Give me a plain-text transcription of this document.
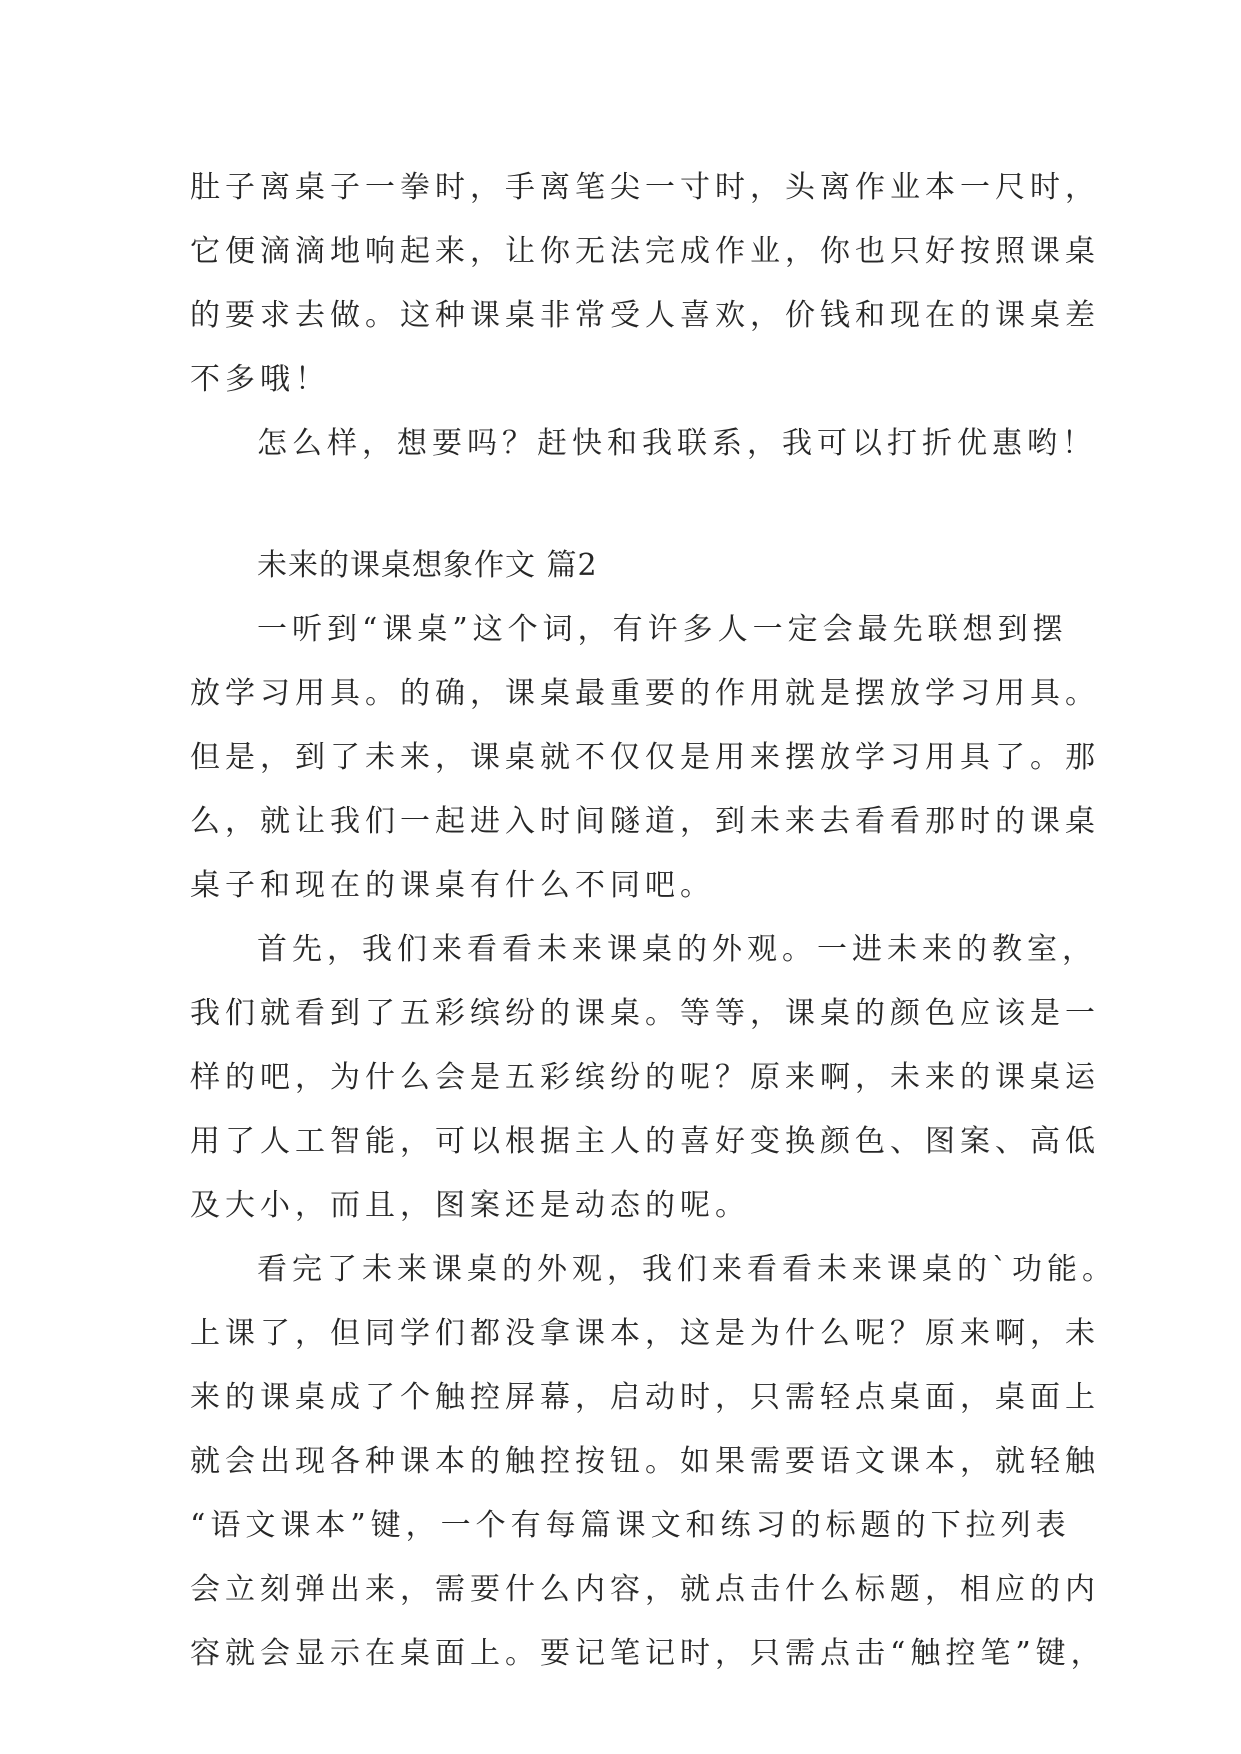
肚子离桌子一拳时，手离笔尖一寸时，头离作业本一尺时，
它便滴滴地响起来，让你无法完成作业，你也只好按照课桌
的要求去做。这种课桌非常受人喜欢，价钱和现在的课桌差
不多哦！
怎么样，想要吗？赶快和我联系，我可以打折优惠哟！
未来的课桌想象作文 篇2
一听到“课桌”这个词，有许多人一定会最先联想到摆
放学习用具。的确，课桌最重要的作用就是摆放学习用具。
但是，到了未来，课桌就不仅仅是用来摆放学习用具了。那
么，就让我们一起进入时间隧道，到未来去看看那时的课桌
桌子和现在的课桌有什么不同吧。
首先，我们来看看未来课桌的外观。一进未来的教室，
我们就看到了五彩缤纷的课桌。等等，课桌的颜色应该是一
样的吧，为什么会是五彩缤纷的呢？原来啊，未来的课桌运
用了人工智能，可以根据主人的喜好变换颜色、图案、高低
及大小，而且，图案还是动态的呢。
看完了未来课桌的外观，我们来看看未来课桌的`功能。
上课了，但同学们都没拿课本，这是为什么呢？原来啊，未
来的课桌成了个触控屏幕，启动时，只需轻点桌面，桌面上
就会出现各种课本的触控按钮。如果需要语文课本，就轻触
“语文课本”键，一个有每篇课文和练习的标题的下拉列表
会立刻弹出来，需要什么内容，就点击什么标题，相应的内
容就会显示在桌面上。要记笔记时，只需点击“触控笔”键，
